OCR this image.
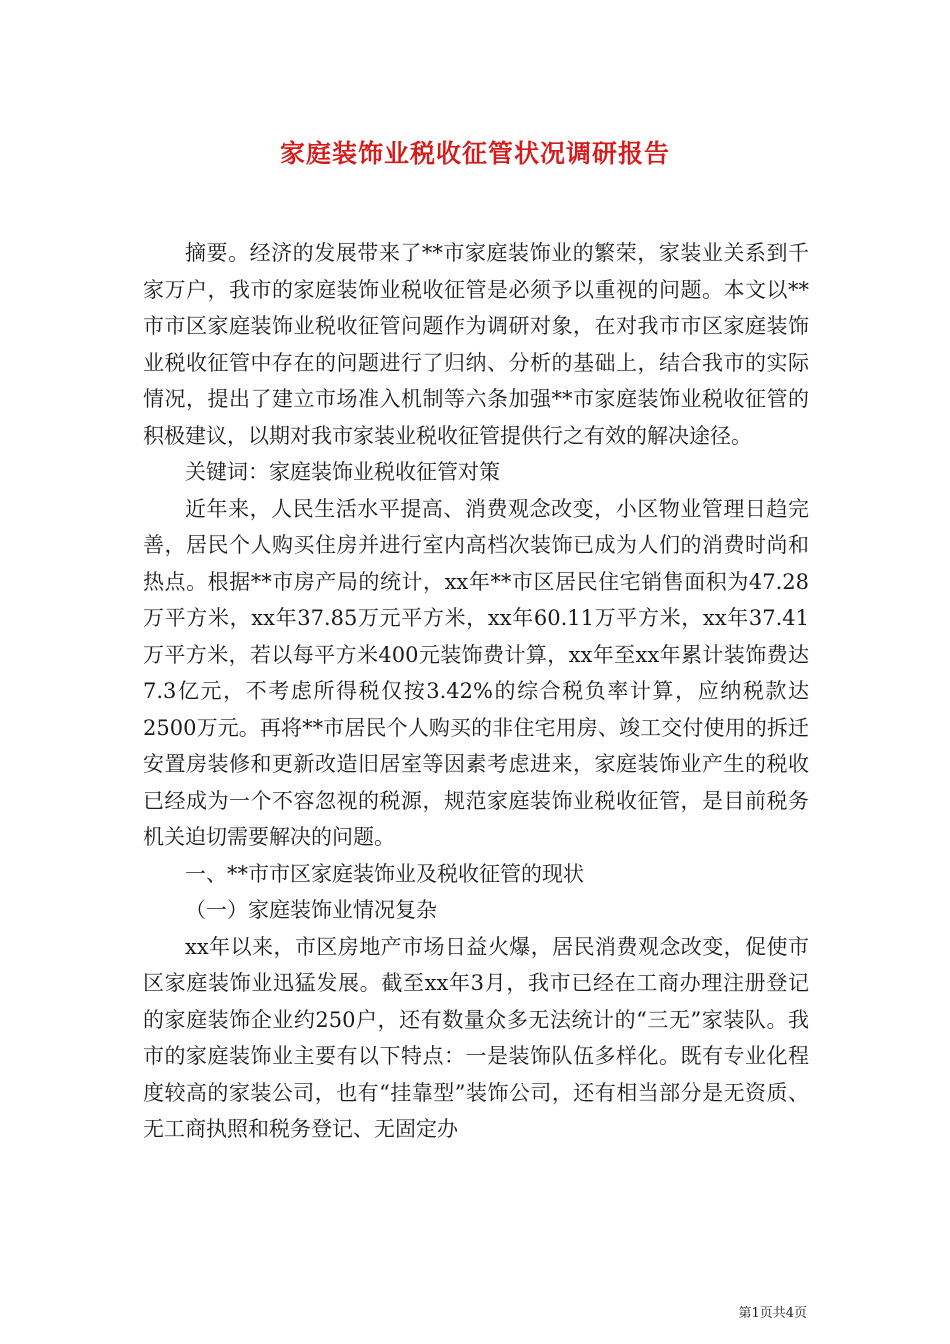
家庭装饰业税收征管状况调研报告

摘要。经济的发展带来了**市家庭装饰业的繁荣，家装业关系到千家万户，我市的家庭装饰业税收征管是必须予以重视的问题。本文以**市市区家庭装饰业税收征管问题作为调研对象，在对我市市区家庭装饰业税收征管中存在的问题进行了归纳、分析的基础上，结合我市的实际情况，提出了建立市场准入机制等六条加强**市家庭装饰业税收征管的积极建议，以期对我市家装业税收征管提供行之有效的解决途径。

关键词：家庭装饰业税收征管对策

近年来，人民生活水平提高、消费观念改变，小区物业管理日趋完善，居民个人购买住房并进行室内高档次装饰已成为人们的消费时尚和热点。根据**市房产局的统计，xx年**市区居民住宅销售面积为47.28万平方米，xx年37.85万元平方米，xx年60.11万平方米，xx年37.41万平方米，若以每平方米400元装饰费计算，xx年至xx年累计装饰费达7.3亿元，不考虑所得税仅按3.42%的综合税负率计算，应纳税款达2500万元。再将**市居民个人购买的非住宅用房、竣工交付使用的拆迁安置房装修和更新改造旧居室等因素考虑进来，家庭装饰业产生的税收已经成为一个不容忽视的税源，规范家庭装饰业税收征管，是目前税务机关迫切需要解决的问题。

一、**市市区家庭装饰业及税收征管的现状

（一）家庭装饰业情况复杂

xx年以来，市区房地产市场日益火爆，居民消费观念改变，促使市区家庭装饰业迅猛发展。截至xx年3月，我市已经在工商办理注册登记的家庭装饰企业约250户，还有数量众多无法统计的“三无”家装队。我市的家庭装饰业主要有以下特点：一是装饰队伍多样化。既有专业化程度较高的家装公司，也有“挂靠型”装饰公司，还有相当部分是无资质、无工商执照和税务登记、无固定办

第1页共4页
